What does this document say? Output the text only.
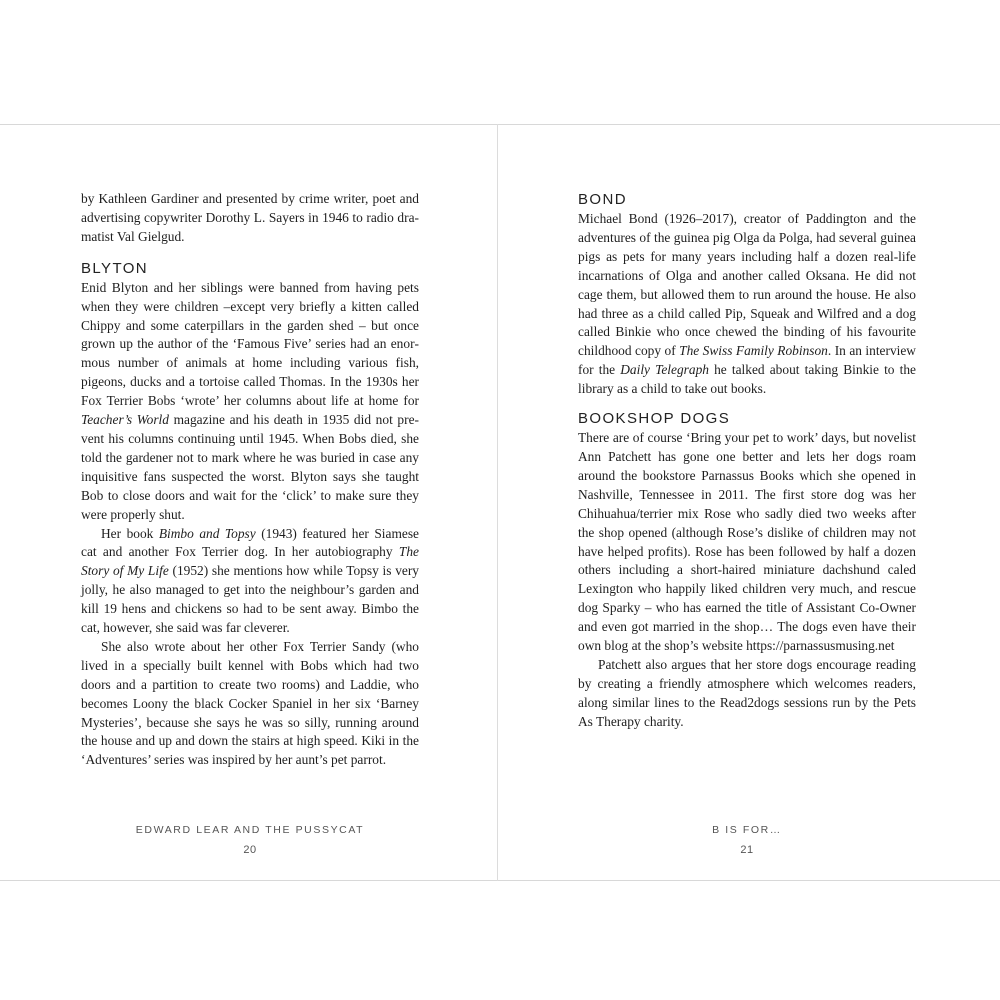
by Kathleen Gardiner and presented by crime writer, poet and advertising copywriter Dorothy L. Sayers in 1946 to radio dramatist Val Gielgud.

BLYTON

Enid Blyton and her siblings were banned from having pets when they were children –except very briefly a kitten called Chippy and some caterpillars in the garden shed – but once grown up the author of the ‘Famous Five’ series had an enormous number of animals at home including various fish, pigeons, ducks and a tortoise called Thomas. In the 1930s her Fox Terrier Bobs ‘wrote’ her columns about life at home for Teacher’s World magazine and his death in 1935 did not prevent his columns continuing until 1945. When Bobs died, she told the gardener not to mark where he was buried in case any inquisitive fans suspected the worst. Blyton says she taught Bob to close doors and wait for the ‘click’ to make sure they were properly shut.

Her book Bimbo and Topsy (1943) featured her Siamese cat and another Fox Terrier dog. In her autobiography The Story of My Life (1952) she mentions how while Topsy is very jolly, he also managed to get into the neighbour’s garden and kill 19 hens and chickens so had to be sent away. Bimbo the cat, however, she said was far cleverer.

She also wrote about her other Fox Terrier Sandy (who lived in a specially built kennel with Bobs which had two doors and a partition to create two rooms) and Laddie, who becomes Loony the black Cocker Spaniel in her six ‘Barney Mysteries’, because she says he was so silly, running around the house and up and down the stairs at high speed. Kiki in the ‘Adventures’ series was inspired by her aunt’s pet parrot.

EDWARD LEAR AND THE PUSSYCAT
20
BOND

Michael Bond (1926–2017), creator of Paddington and the adventures of the guinea pig Olga da Polga, had several guinea pigs as pets for many years including half a dozen real-life incarnations of Olga and another called Oksana. He did not cage them, but allowed them to run around the house. He also had three as a child called Pip, Squeak and Wilfred and a dog called Binkie who once chewed the binding of his favourite childhood copy of The Swiss Family Robinson. In an interview for the Daily Telegraph he talked about taking Binkie to the library as a child to take out books.

BOOKSHOP DOGS

There are of course ‘Bring your pet to work’ days, but novelist Ann Patchett has gone one better and lets her dogs roam around the bookstore Parnassus Books which she opened in Nashville, Tennessee in 2011. The first store dog was her Chihuahua/terrier mix Rose who sadly died two weeks after the shop opened (although Rose’s dislike of children may not have helped profits). Rose has been followed by half a dozen others including a short-haired miniature dachshund caled Lexington who happily liked children very much, and rescue dog Sparky – who has earned the title of Assistant Co-Owner and even got married in the shop… The dogs even have their own blog at the shop’s website https://parnassusmusing.net

Patchett also argues that her store dogs encourage reading by creating a friendly atmosphere which welcomes readers, along similar lines to the Read2dogs sessions run by the Pets As Therapy charity.

B IS FOR…
21
